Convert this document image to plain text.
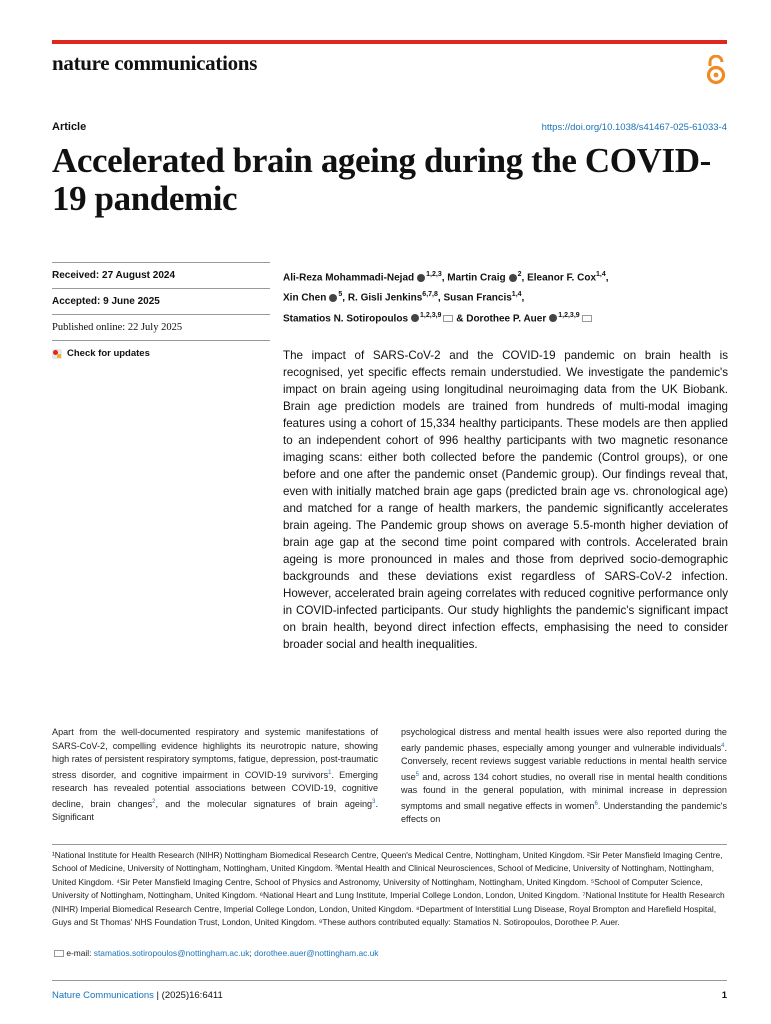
nature communications
Article	https://doi.org/10.1038/s41467-025-61033-4
Accelerated brain ageing during the COVID-19 pandemic
Received: 27 August 2024
Accepted: 9 June 2025
Published online: 22 July 2025
Check for updates
Ali-Reza Mohammadi-Nejad $^{1,2,3}$, Martin Craig $^2$, Eleanor F. Cox$^{1,4}$,
Xin Chen $^5$, R. Gisli Jenkins$^{6,7,8}$, Susan Francis$^{1,4}$,
Stamatios N. Sotiropoulos $^{1,2,3,9}$ & Dorothee P. Auer $^{1,2,3,9}$

The impact of SARS-CoV-2 and the COVID-19 pandemic on brain health is recognised, yet specific effects remain understudied. We investigate the pandemic's impact on brain ageing using longitudinal neuroimaging data from the UK Biobank. Brain age prediction models are trained from hundreds of multi-modal imaging features using a cohort of 15,334 healthy participants. These models are then applied to an independent cohort of 996 healthy participants with two magnetic resonance imaging scans: either both collected before the pandemic (Control groups), or one before and one after the pandemic onset (Pandemic group). Our findings reveal that, even with initially matched brain age gaps (predicted brain age vs. chronological age) and matched for a range of health markers, the pandemic significantly accelerates brain ageing. The Pandemic group shows on average 5.5-month higher deviation of brain age gap at the second time point compared with controls. Accelerated brain ageing is more pronounced in males and those from deprived socio-demographic backgrounds and these deviations exist regardless of SARS-CoV-2 infection. However, accelerated brain ageing correlates with reduced cognitive performance only in COVID-infected participants. Our study highlights the pandemic's significant impact on brain health, beyond direct infection effects, emphasising the need to consider broader social and health inequalities.

Apart from the well-documented respiratory and systemic manifestations of SARS-CoV-2, compelling evidence highlights its neurotropic nature, showing high rates of persistent respiratory symptoms, fatigue, depression, post-traumatic stress disorder, and cognitive impairment in COVID-19 survivors$^1$. Emerging research has revealed potential associations between COVID-19, cognitive decline, brain changes$^2$, and the molecular signatures of brain ageing$^3$. Significant

psychological distress and mental health issues were also reported during the early pandemic phases, especially among younger and vulnerable individuals$^4$. Conversely, recent reviews suggest variable reductions in mental health service use$^5$ and, across 134 cohort studies, no overall rise in mental health conditions was found in the general population, with minimal increase in depression symptoms and small negative effects in women$^6$. Understanding the pandemic's effects on

¹National Institute for Health Research (NIHR) Nottingham Biomedical Research Centre, Queen's Medical Centre, Nottingham, United Kingdom. ²Sir Peter Mansfield Imaging Centre, School of Medicine, University of Nottingham, Nottingham, United Kingdom. ³Mental Health and Clinical Neurosciences, School of Medicine, University of Nottingham, Nottingham, United Kingdom. ⁴Sir Peter Mansfield Imaging Centre, School of Physics and Astronomy, University of Nottingham, Nottingham, United Kingdom. ⁵School of Computer Science, University of Nottingham, Nottingham, United Kingdom. ⁶National Heart and Lung Institute, Imperial College London, London, United Kingdom. ⁷National Institute for Health Research (NIHR) Imperial Biomedical Research Centre, Imperial College London, London, United Kingdom. ⁸Department of Interstitial Lung Disease, Royal Brompton and Harefield Hospital, Guys and St Thomas' NHS Foundation Trust, London, United Kingdom. ⁹These authors contributed equally: Stamatios N. Sotiropoulos, Dorothee P. Auer.

e-mail: stamatios.sotiropoulos@nottingham.ac.uk; dorothee.auer@nottingham.ac.uk
Nature Communications | (2025)16:6411	1
